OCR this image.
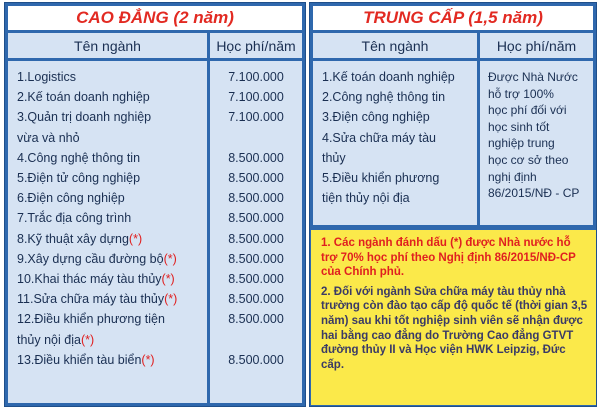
CAO ĐẲNG (2 năm)
Tên ngành	Học phí/năm
1.Logistics
2.Kế toán doanh nghiệp
3.Quản trị doanh nghiệp
vừa và nhỏ
4.Công nghệ thông tin
5.Điện tử công nghiệp
6.Điện công nghiệp
7.Trắc địa công trình
8.Kỹ thuật xây dựng (*)
9.Xây dựng cầu đường bộ (*)
10.Khai thác máy tàu thủy (*)
11.Sửa chữa máy tàu thủy (*)
12.Điều khiển phương tiện
thủy nội địa (*)
13.Điều khiển tàu biển (*)
7.100.000
7.100.000
7.100.000
8.500.000
8.500.000
8.500.000
8.500.000
8.500.000
8.500.000
8.500.000
8.500.000
8.500.000
8.500.000
TRUNG CẤP (1,5 năm)
Tên ngành	Học phí/năm
1.Kế toán doanh nghiệp
2.Công nghệ thông tin
3.Điện công nghiệp
4.Sửa chữa máy tàu
thủy
5.Điều khiển phương
tiện thủy nội địa
Được Nhà Nước
hỗ trợ 100%
học phí đối với
học sinh tốt
nghiệp trung
học cơ sở theo
nghị định
86/2015/NĐ - CP

1. Các ngành đánh dấu (*) được Nhà nước hỗ trợ 70% học phí theo Nghị định 86/2015/NĐ-CP của Chính phủ.

2. Đối với ngành Sửa chữa máy tàu thủy nhà trường còn đào tạo cấp độ quốc tế (thời gian 3,5 năm) sau khi tốt nghiệp sinh viên sẽ nhận được hai bằng cao đẳng do Trường Cao đẳng GTVT đường thủy II và Học viện HWK Leipzig, Đức cấp.
